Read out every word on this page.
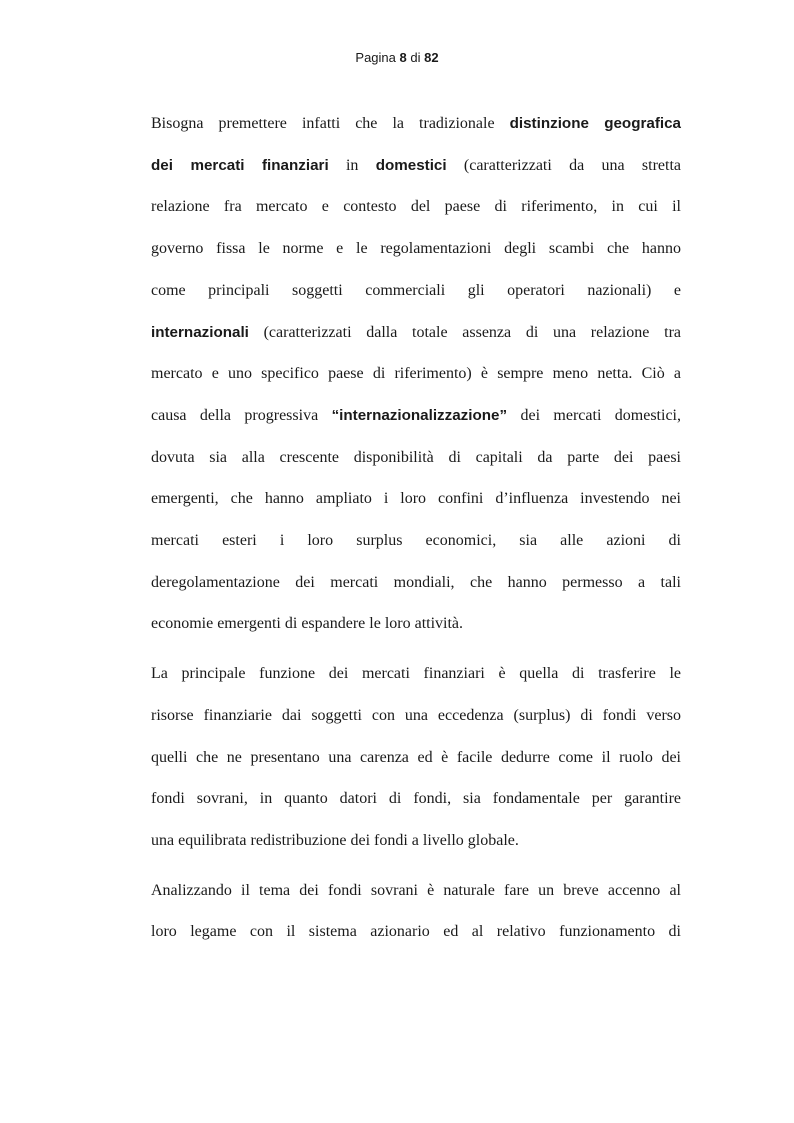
Pagina 8 di 82

Bisogna premettere infatti che la tradizionale distinzione geografica
dei mercati finanziari in domestici (caratterizzati da una stretta
relazione fra mercato e contesto del paese di riferimento, in cui il
governo fissa le norme e le regolamentazioni degli scambi che hanno
come principali soggetti commerciali gli operatori nazionali) e
internazionali (caratterizzati dalla totale assenza di una relazione tra
mercato e uno specifico paese di riferimento) è sempre meno netta. Ciò a
causa della progressiva “internazionalizzazione” dei mercati domestici,
dovuta sia alla crescente disponibilità di capitali da parte dei paesi
emergenti, che hanno ampliato i loro confini d’influenza investendo nei
mercati esteri i loro surplus economici, sia alle azioni di
deregolamentazione dei mercati mondiali, che hanno permesso a tali
economie emergenti di espandere le loro attività.

La principale funzione dei mercati finanziari è quella di trasferire le
risorse finanziarie dai soggetti con una eccedenza (surplus) di fondi verso
quelli che ne presentano una carenza ed è facile dedurre come il ruolo dei
fondi sovrani, in quanto datori di fondi, sia fondamentale per garantire
una equilibrata redistribuzione dei fondi a livello globale.

Analizzando il tema dei fondi sovrani è naturale fare un breve accenno al
loro legame con il sistema azionario ed al relativo funzionamento di
